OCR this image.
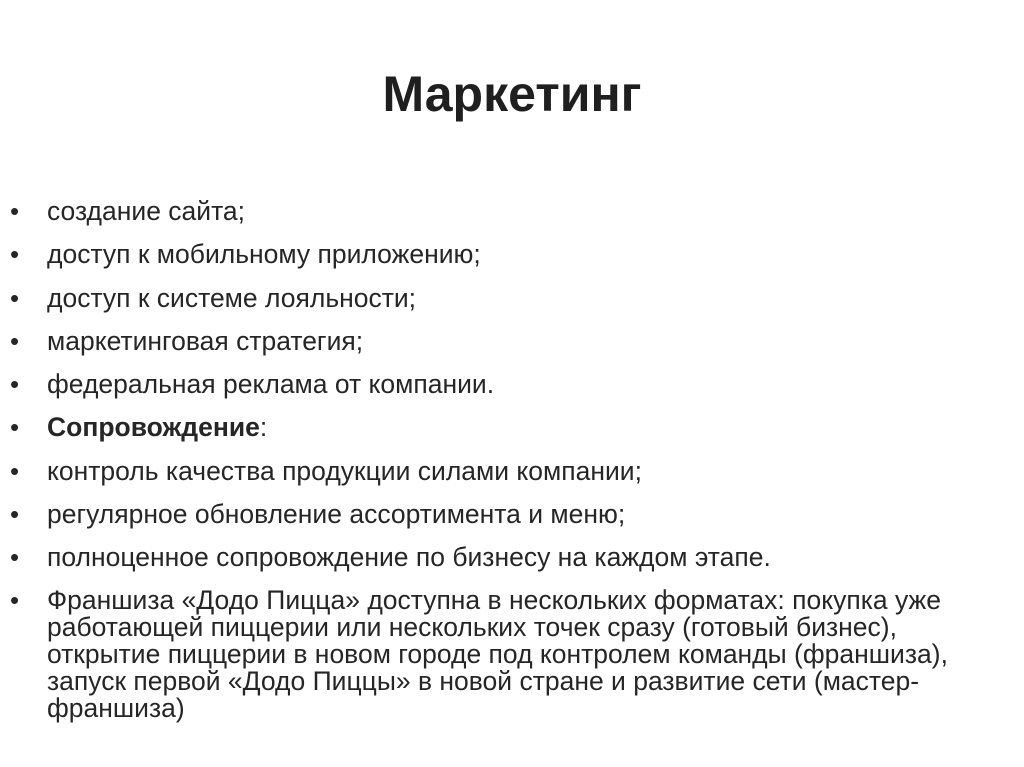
Маркетинг
•	создание сайта;
•	доступ к мобильному приложению;
•	доступ к системе лояльности;
•	маркетинговая стратегия;
•	федеральная реклама от компании.
•	Сопровождение:
•	контроль качества продукции силами компании;
•	регулярное обновление ассортимента и меню;
•	полноценное сопровождение по бизнесу на каждом этапе.
•	Франшиза «Додо Пицца» доступна в нескольких форматах: покупка уже работающей пиццерии или нескольких точек сразу (готовый бизнес), открытие пиццерии в новом городе под контролем команды (франшиза), запуск первой «Додо Пиццы» в новой стране и развитие сети (мастер-франшиза)
